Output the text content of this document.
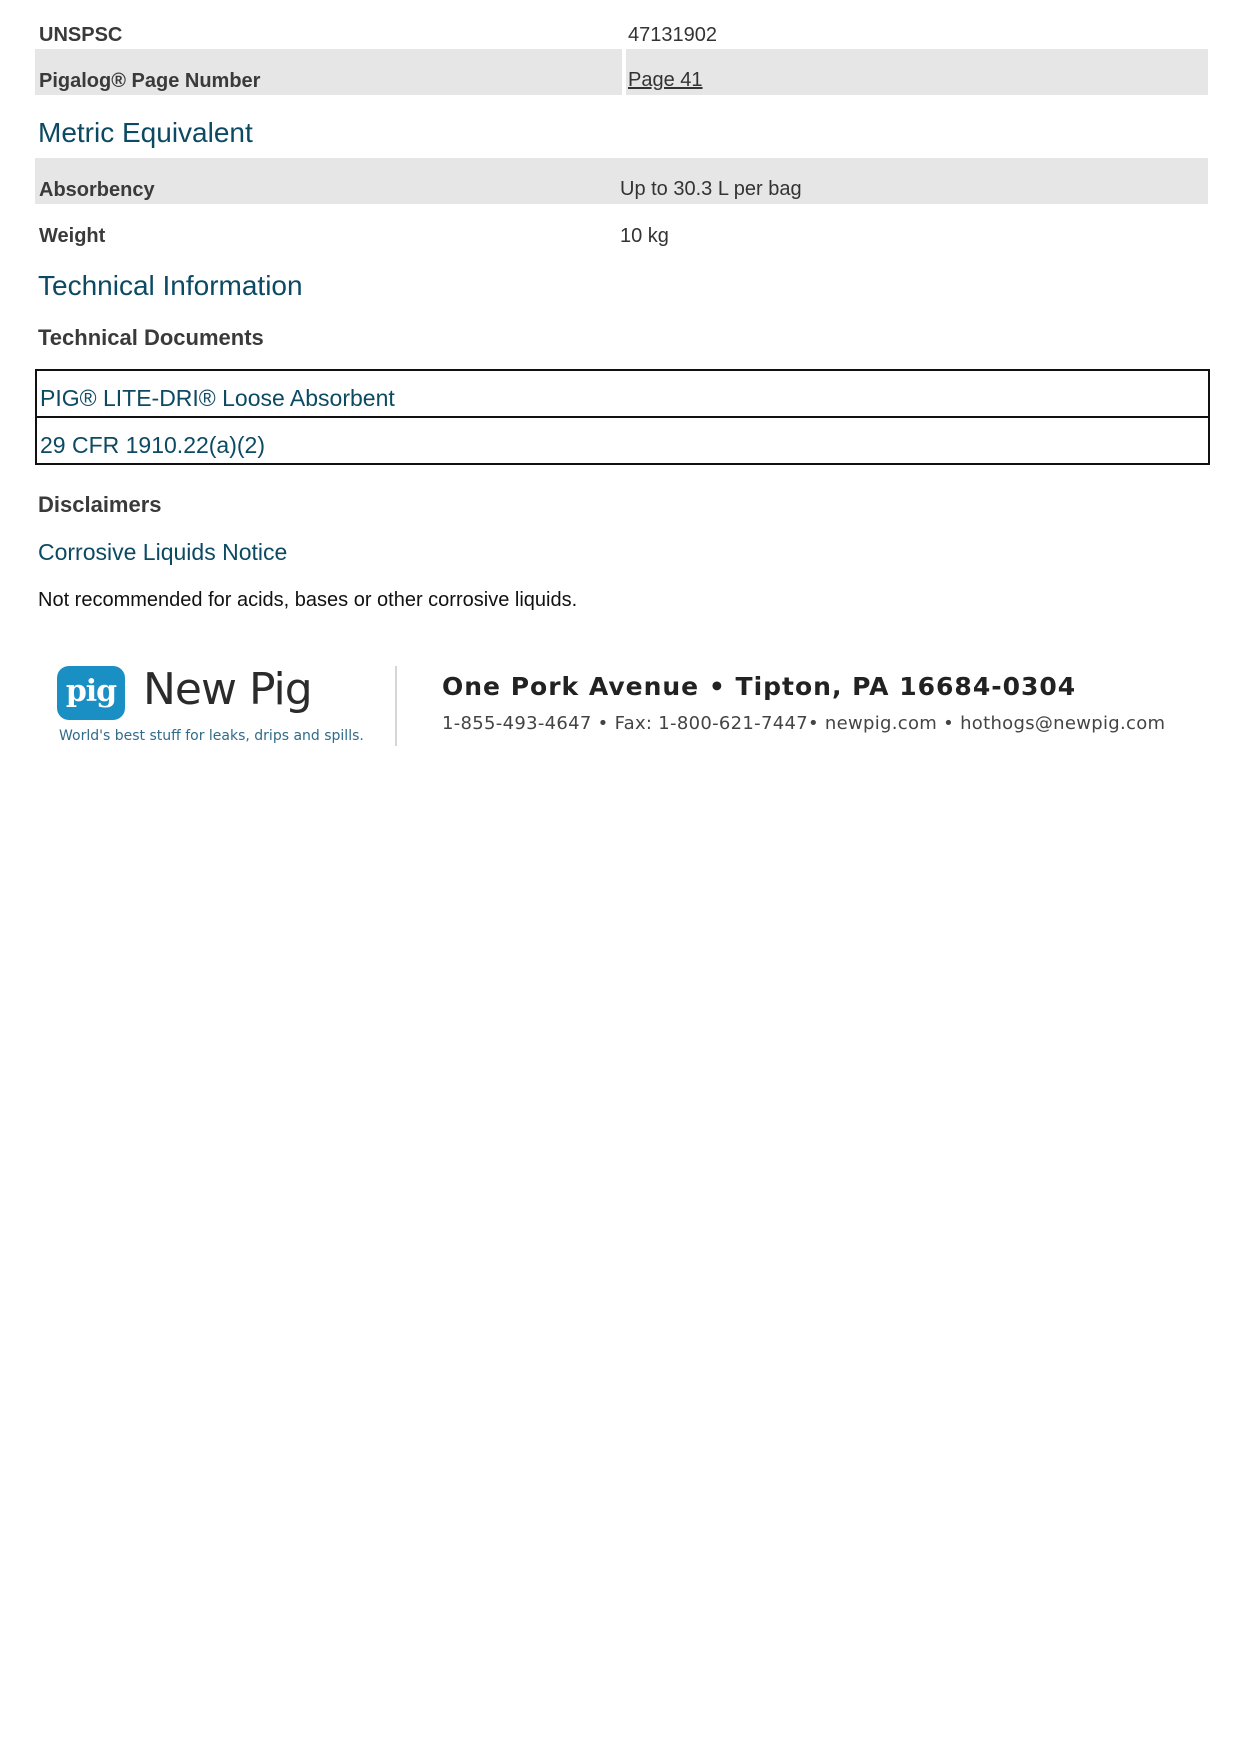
UNSPSC	47131902
Pigalog® Page Number	Page 41
Metric Equivalent
Absorbency	Up to 30.3 L per bag
Weight	10 kg
Technical Information
Technical Documents
PIG® LITE-DRI® Loose Absorbent
29 CFR 1910.22(a)(2)
Disclaimers
Corrosive Liquids Notice
Not recommended for acids, bases or other corrosive liquids.
pig New Pig
World's best stuff for leaks, drips and spills.
One Pork Avenue • Tipton, PA 16684-0304
1-855-493-4647 • Fax: 1-800-621-7447• newpig.com • hothogs@newpig.com
